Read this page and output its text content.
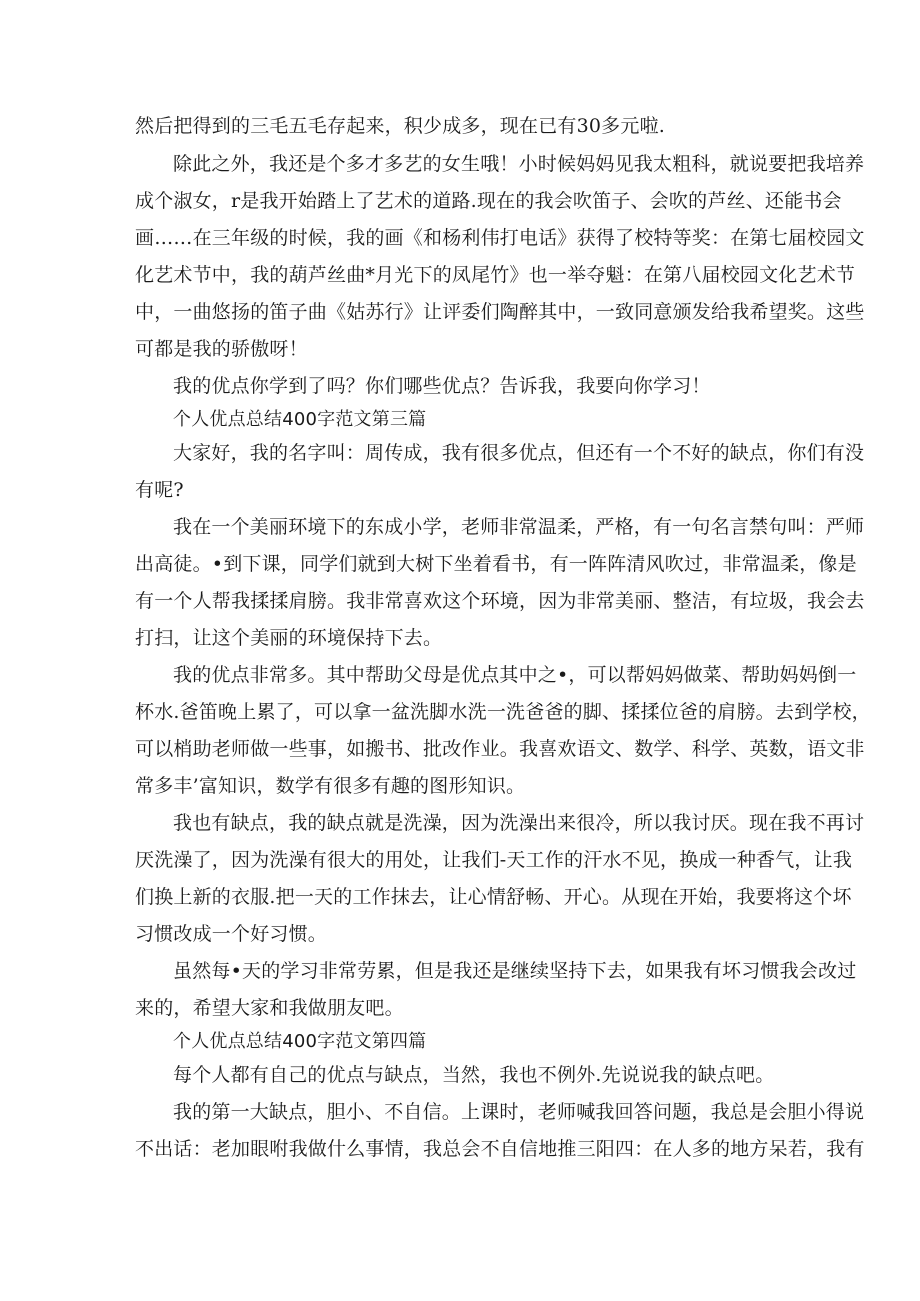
然后把得到的三毛五毛存起来，积少成多，现在已有30多元啦.

除此之外，我还是个多才多艺的女生哦！小时候妈妈见我太粗科，就说要把我培养

成个淑女，r是我开始踏上了艺术的道路.现在的我会吹笛子、会吹的芦丝、还能书会

画……在三年级的时候，我的画《和杨利伟打电话》获得了校特等奖：在第七届校园文

化艺术节中，我的葫芦丝曲*月光下的凤尾竹》也一举夺魁：在第八届校园文化艺术节

中，一曲悠扬的笛子曲《姑苏行》让评委们陶醉其中，一致同意颁发给我希望奖。这些

可都是我的骄傲呀！

我的优点你学到了吗？你们哪些优点？告诉我，我要向你学习！

个人优点总结400字范文第三篇

大家好，我的名字叫：周传成，我有很多优点，但还有一个不好的缺点，你们有没

有呢?

我在一个美丽环境下的东成小学，老师非常温柔，严格，有一句名言禁句叫：严师

出高徒。•到下课，同学们就到大树下坐着看书，有一阵阵清风吹过，非常温柔，像是

有一个人帮我揉揉肩膀。我非常喜欢这个环境，因为非常美丽、整洁，有垃圾，我会去

打扫，让这个美丽的环境保持下去。

我的优点非常多。其中帮助父母是优点其中之•，可以帮妈妈做菜、帮助妈妈倒一

杯水.爸笛晚上累了，可以拿一盆洗脚水洗一洗爸爸的脚、揉揉位爸的肩膀。去到学校，

可以梢助老师做一些事，如搬书、批改作业。我喜欢语文、数学、科学、英数，语文非

常多丰’富知识，数学有很多有趣的图形知识。

我也有缺点，我的缺点就是洗澡，因为洗澡出来很冷，所以我讨厌。现在我不再讨

厌洗澡了，因为洗澡有很大的用处，让我们-天工作的汗水不见，换成一种香气，让我

们换上新的衣服.把一天的工作抹去，让心情舒畅、开心。从现在开始，我要将这个坏

习惯改成一个好习惯。

虽然每•天的学习非常劳累，但是我还是继续坚持下去，如果我有坏习惯我会改过

来的，希望大家和我做朋友吧。

个人优点总结400字范文第四篇

每个人都有自己的优点与缺点，当然，我也不例外.先说说我的缺点吧。

我的第一大缺点，胆小、不自信。上课时，老师喊我回答问题，我总是会胆小得说

不出话：老加眼咐我做什么事情，我总会不自信地推三阳四：在人多的地方呆若，我有
